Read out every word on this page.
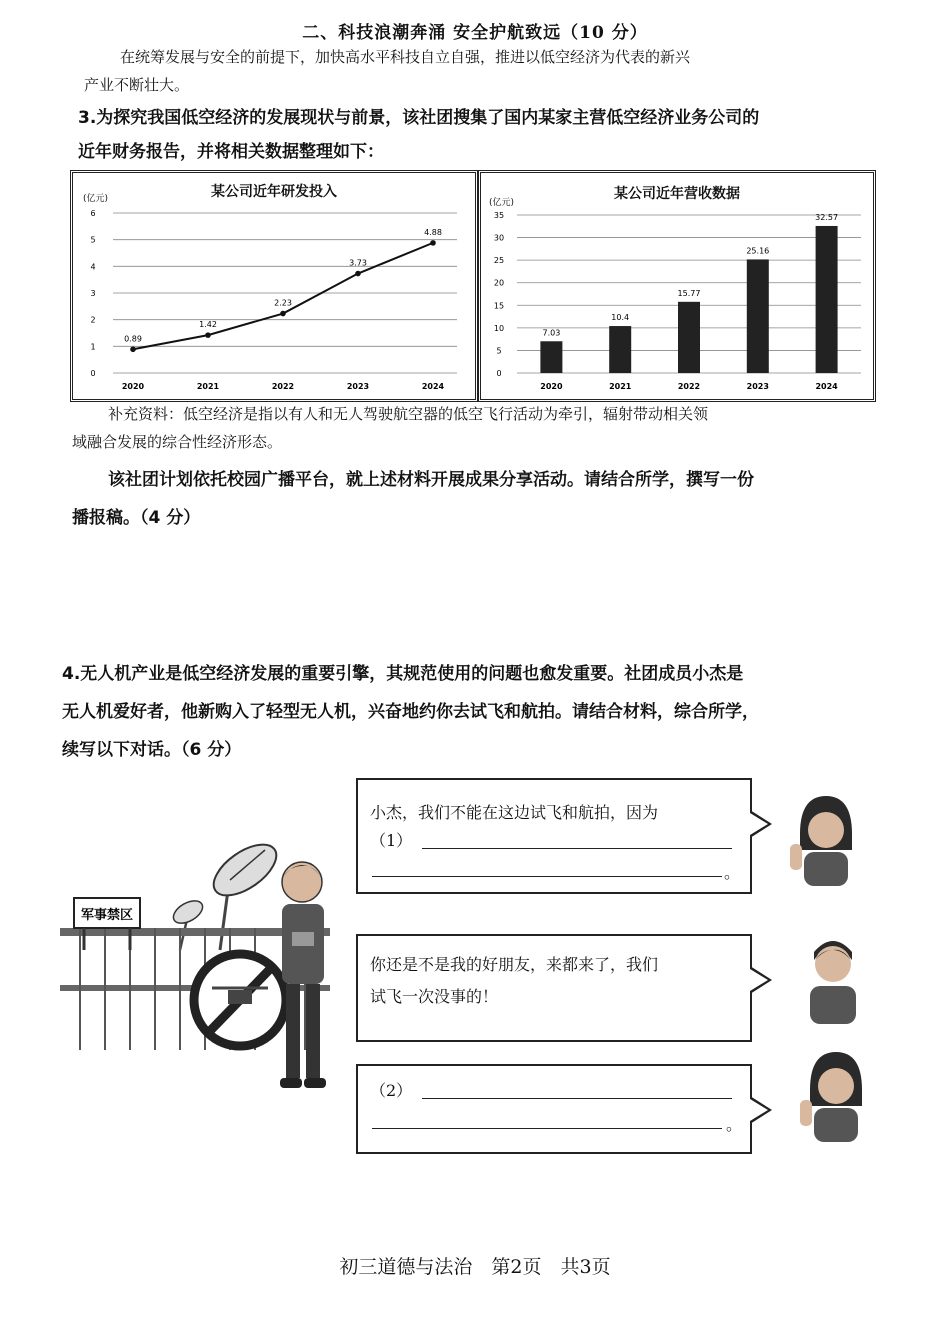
二、科技浪潮奔涌 安全护航致远（10 分）
在统筹发展与安全的前提下，加快高水平科技自立自强，推进以低空经济为代表的新兴
产业不断壮大。
3.为探究我国低空经济的发展现状与前景，该社团搜集了国内某家主营低空经济业务公司的
近年财务报告，并将相关数据整理如下：
某公司近年研发投入
(亿元)
0
1
2
3
4
5
6
2020	2021	2022	2023	2024
0.89
1.42
2.23
3.73
4.88
某公司近年营收数据
(亿元)
0
5
10
15
20
25
30
35
7.03
2020
10.4
2021
15.77
2022
25.16
2023
32.57
2024
补充资料：低空经济是指以有人和无人驾驶航空器的低空飞行活动为牵引，辐射带动相关领
域融合发展的综合性经济形态。
该社团计划依托校园广播平台，就上述材料开展成果分享活动。请结合所学，撰写一份
播报稿。（4 分）
4.无人机产业是低空经济发展的重要引擎，其规范使用的问题也愈发重要。社团成员小杰是
无人机爱好者，他新购入了轻型无人机，兴奋地约你去试飞和航拍。请结合材料，综合所学，
续写以下对话。（6 分）
军事禁区
小杰，我们不能在这边试飞和航拍，因为
（1）
。
你还是不是我的好朋友，来都来了，我们
试飞一次没事的！
（2）
。
初三道德与法治　第2页　共3页
